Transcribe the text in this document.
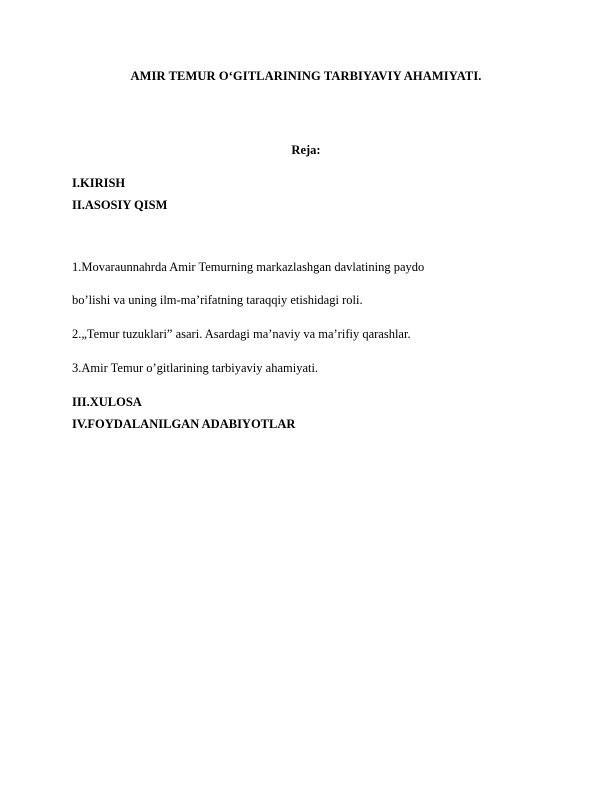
AMIR TEMUR O‘GITLARINING TARBIYAVIY AHAMIYATI.
Reja:
I.KIRISH
II.ASOSIY QISM
1.Movaraunnahrda Amir Temurning markazlashgan davlatining paydo
bo’lishi va uning ilm-ma’rifatning taraqqiy etishidagi roli.
2.„Temur tuzuklari” asari. Asardagi ma’naviy va ma’rifiy qarashlar.
3.Amir Temur o’gitlarining tarbiyaviy ahamiyati.
III.XULOSA
IV.FOYDALANILGAN ADABIYOTLAR
